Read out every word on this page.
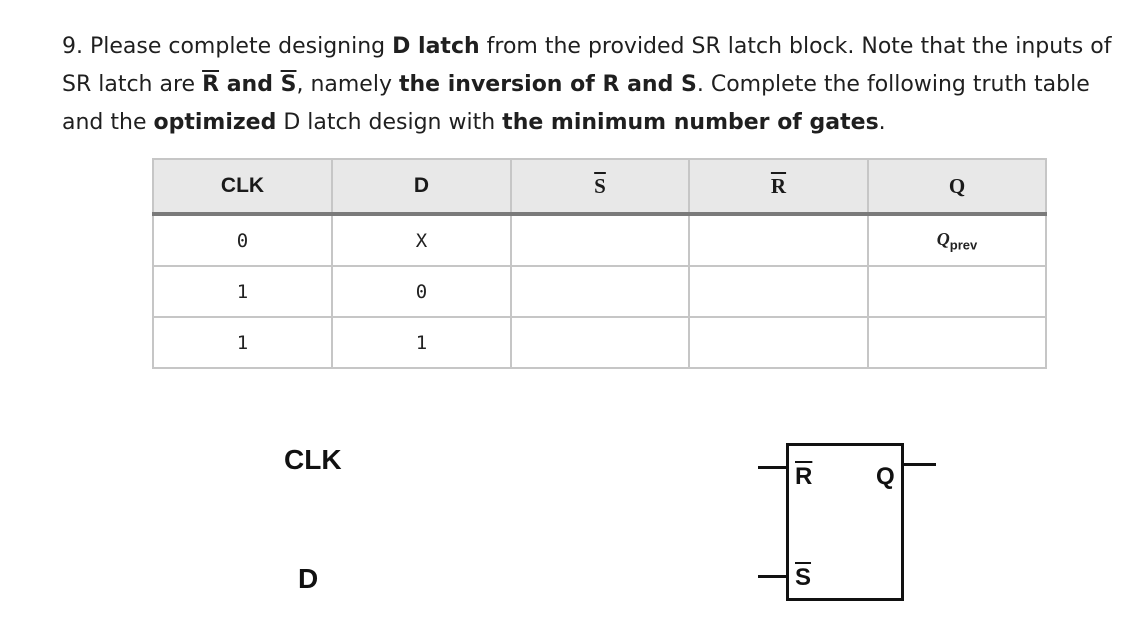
9. Please complete designing D latch from the provided SR latch block. Note that the inputs of SR latch are $\overline{R}$ and $\overline{S}$, namely the inversion of R and S. Complete the following truth table and the optimized D latch design with the minimum number of gates.
CLK	D	$\overline{S}$	$\overline{R}$	Q
0	X			$Q_{prev}$
1	0			
1	1			
CLK
D
$\overline{R}$
$\overline{S}$
Q
